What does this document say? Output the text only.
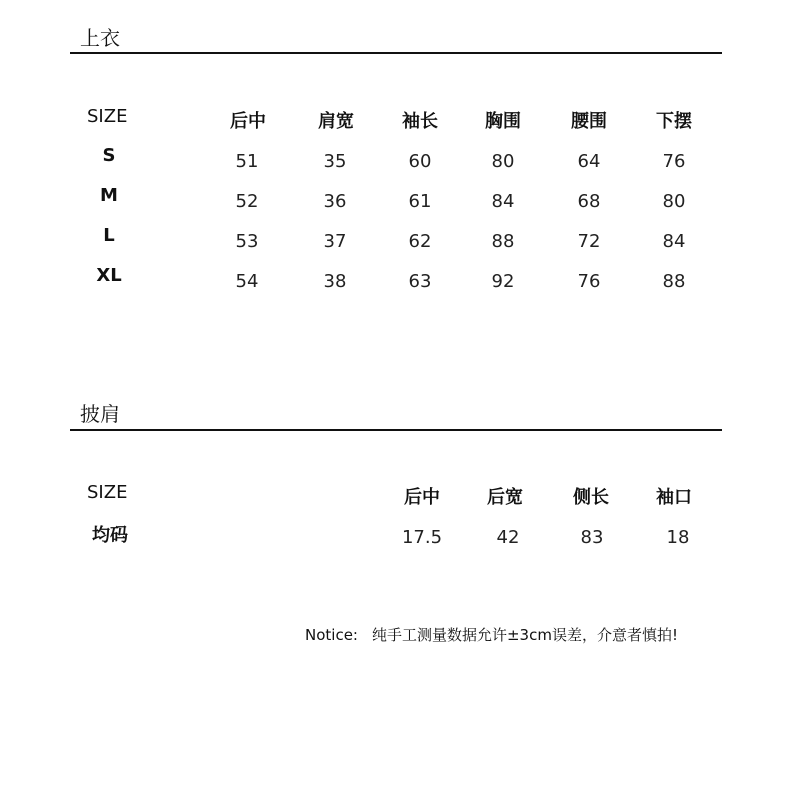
上衣
SIZE	后中	肩宽	袖长	胸围	腰围	下摆
S	51	35	60	80	64	76
M	52	36	61	84	68	80
L	53	37	62	88	72	84
XL	54	38	63	92	76	88
披肩
SIZE	后中	后宽	侧长	袖口
均码	17.5	42	83	18
Notice: 纯手工测量数据允许±3cm误差，介意者慎拍!
